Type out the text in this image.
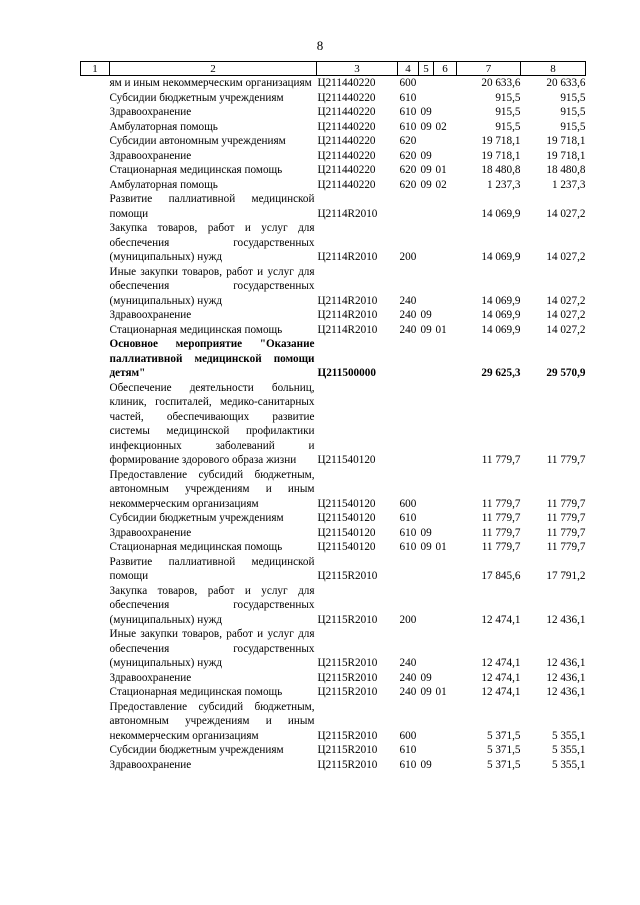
8
1	2	3	4	5	6	7	8
	ям и иным некоммерческим организациям	Ц211440220	600			20 633,6	20 633,6
	Субсидии бюджетным учреждениям	Ц211440220	610			915,5	915,5
	Здравоохранение	Ц211440220	610	09		915,5	915,5
	Амбулаторная помощь	Ц211440220	610	09	02	915,5	915,5
	Субсидии автономным учреждениям	Ц211440220	620			19 718,1	19 718,1
	Здравоохранение	Ц211440220	620	09		19 718,1	19 718,1
	Стационарная медицинская помощь	Ц211440220	620	09	01	18 480,8	18 480,8
	Амбулаторная помощь	Ц211440220	620	09	02	1 237,3	1 237,3
	Развитие паллиативной медицинской помощи	Ц2114R2010				14 069,9	14 027,2
	Закупка товаров, работ и услуг для обеспечения государственных (муниципальных) нужд	Ц2114R2010	200			14 069,9	14 027,2
	Иные закупки товаров, работ и услуг для обеспечения государственных (муниципальных) нужд	Ц2114R2010	240			14 069,9	14 027,2
	Здравоохранение	Ц2114R2010	240	09		14 069,9	14 027,2
	Стационарная медицинская помощь	Ц2114R2010	240	09	01	14 069,9	14 027,2
	Основное мероприятие "Оказание паллиативной медицинской помощи детям"	Ц211500000				29 625,3	29 570,9
	Обеспечение деятельности больниц, клиник, госпиталей, медико-санитарных частей, обеспечивающих развитие системы медицинской профилактики инфекционных заболеваний и формирование здорового образа жизни	Ц211540120				11 779,7	11 779,7
	Предоставление субсидий бюджетным, автономным учреждениям и иным некоммерческим организациям	Ц211540120	600			11 779,7	11 779,7
	Субсидии бюджетным учреждениям	Ц211540120	610			11 779,7	11 779,7
	Здравоохранение	Ц211540120	610	09		11 779,7	11 779,7
	Стационарная медицинская помощь	Ц211540120	610	09	01	11 779,7	11 779,7
	Развитие паллиативной медицинской помощи	Ц2115R2010				17 845,6	17 791,2
	Закупка товаров, работ и услуг для обеспечения государственных (муниципальных) нужд	Ц2115R2010	200			12 474,1	12 436,1
	Иные закупки товаров, работ и услуг для обеспечения государственных (муниципальных) нужд	Ц2115R2010	240			12 474,1	12 436,1
	Здравоохранение	Ц2115R2010	240	09		12 474,1	12 436,1
	Стационарная медицинская помощь	Ц2115R2010	240	09	01	12 474,1	12 436,1
	Предоставление субсидий бюджетным, автономным учреждениям и иным некоммерческим организациям	Ц2115R2010	600			5 371,5	5 355,1
	Субсидии бюджетным учреждениям	Ц2115R2010	610			5 371,5	5 355,1
	Здравоохранение	Ц2115R2010	610	09		5 371,5	5 355,1
